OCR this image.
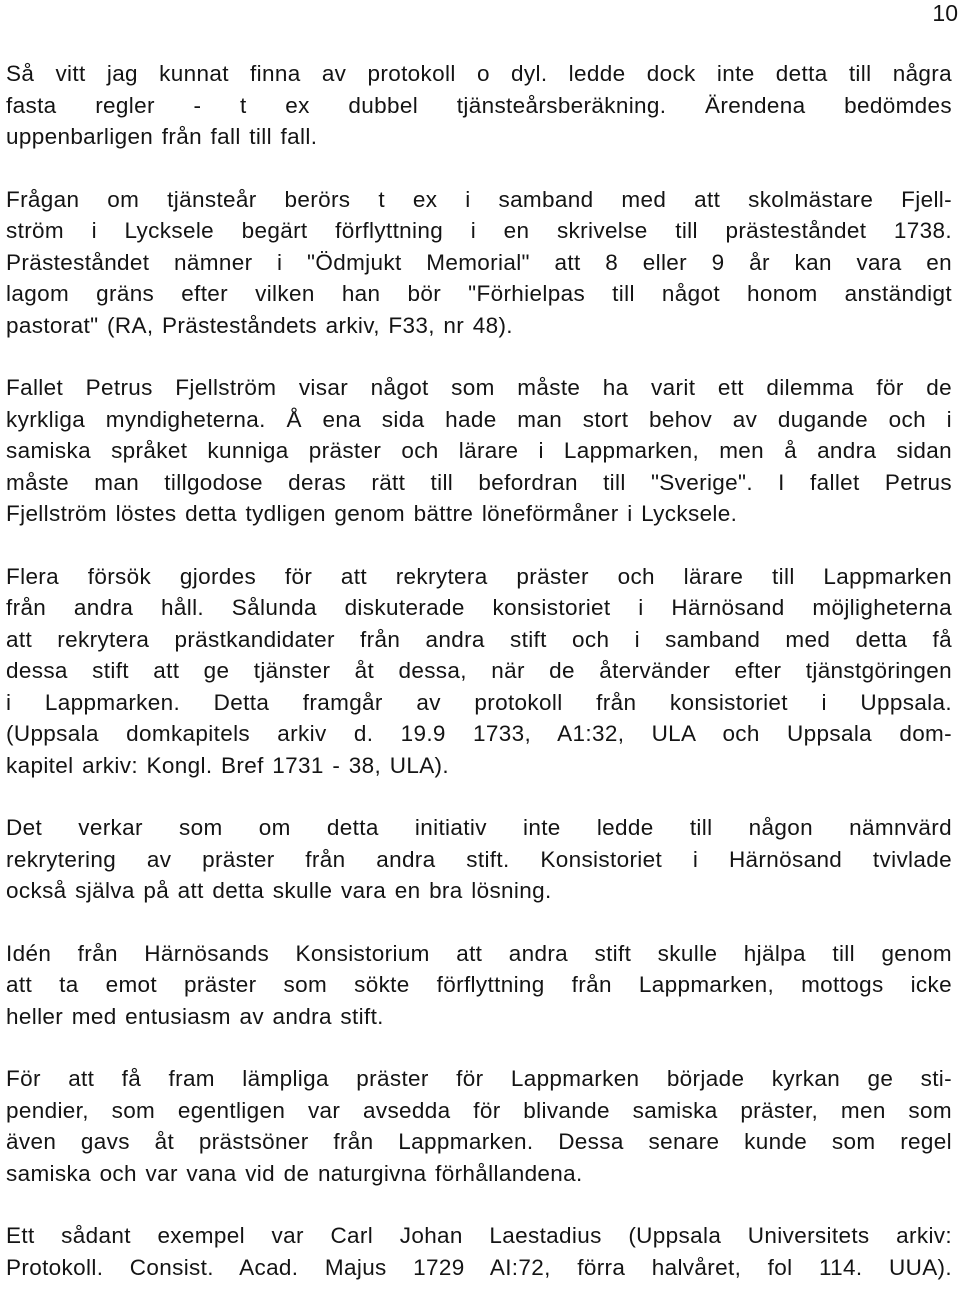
10

Så vitt jag kunnat finna av protokoll o dyl. ledde dock inte detta till några
fasta regler - t ex dubbel tjänsteårsberäkning. Ärendena bedömdes
uppenbarligen från fall till fall.

Frågan om tjänsteår berörs t ex i samband med att skolmästare Fjell-
ström i Lycksele begärt förflyttning i en skrivelse till prästeståndet 1738.
Prästeståndet nämner i "Ödmjukt Memorial" att 8 eller 9 år kan vara en
lagom gräns efter vilken han bör "Förhielpas till något honom anständigt
pastorat" (RA, Prästeståndets arkiv, F33, nr 48).

Fallet Petrus Fjellström visar något som måste ha varit ett dilemma för de
kyrkliga myndigheterna. Å ena sida hade man stort behov av dugande och i
samiska språket kunniga präster och lärare i Lappmarken, men å andra sidan
måste man tillgodose deras rätt till befordran till "Sverige". I fallet Petrus
Fjellström löstes detta tydligen genom bättre löneförmåner i Lycksele.

Flera försök gjordes för att rekrytera präster och lärare till Lappmarken
från andra håll. Sålunda diskuterade konsistoriet i Härnösand möjligheterna
att rekrytera prästkandidater från andra stift och i samband med detta få
dessa stift att ge tjänster åt dessa, när de återvänder efter tjänstgöringen
i Lappmarken. Detta framgår av protokoll från konsistoriet i Uppsala.
(Uppsala domkapitels arkiv d. 19.9 1733, A1:32, ULA och Uppsala dom-
kapitel arkiv: Kongl. Bref 1731 - 38, ULA).

Det verkar som om detta initiativ inte ledde till någon nämnvärd
rekrytering av präster från andra stift. Konsistoriet i Härnösand tvivlade
också själva på att detta skulle vara en bra lösning.

Idén från Härnösands Konsistorium att andra stift skulle hjälpa till genom
att ta emot präster som sökte förflyttning från Lappmarken, mottogs icke
heller med entusiasm av andra stift.

För att få fram lämpliga präster för Lappmarken började kyrkan ge sti-
pendier, som egentligen var avsedda för blivande samiska präster, men som
även gavs åt prästsöner från Lappmarken. Dessa senare kunde som regel
samiska och var vana vid de naturgivna förhållandena.

Ett sådant exempel var Carl Johan Laestadius (Uppsala Universitets arkiv:
Protokoll. Consist. Acad. Majus 1729 AI:72, förra halvåret, fol 114. UUA).
